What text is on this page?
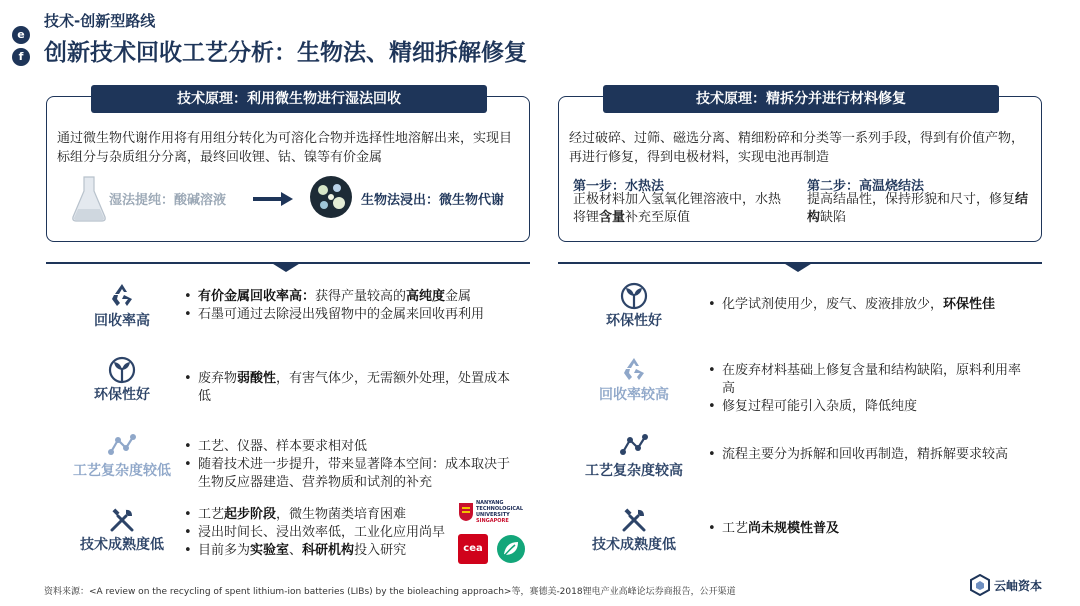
e
f
技术-创新型路线
创新技术回收工艺分析：生物法、精细拆解修复
技术原理：利用微生物进行湿法回收
通过微生物代谢作用将有用组分转化为可溶化合物并选择性地溶解出来，实现目标组分与杂质组分分离，最终回收锂、钴、镍等有价金属
湿法提纯：酸碱溶液	生物法浸出：微生物代谢
技术原理：精拆分并进行材料修复
经过破碎、过筛、磁选分离、精细粉碎和分类等一系列手段，得到有价值产物，再进行修复，得到电极材料，实现电池再制造
第一步：水热法
正极材料加入氢氧化锂溶液中，水热将锂含量补充至原值
第二步：高温烧结法
提高结晶性，保持形貌和尺寸，修复结构缺陷
回收率高
• 有价金属回收率高：获得产量较高的高纯度金属
• 石墨可通过去除浸出残留物中的金属来回收再利用
环保性好
• 废弃物弱酸性，有害气体少，无需额外处理，处置成本低
工艺复杂度较低
• 工艺、仪器、样本要求相对低
• 随着技术进一步提升，带来显著降本空间：成本取决于生物反应器建造、营养物质和试剂的补充
技术成熟度低
• 工艺起步阶段，微生物菌类培育困难
• 浸出时间长、浸出效率低，工业化应用尚早
• 目前多为实验室、科研机构投入研究
环保性好
• 化学试剂使用少，废气、废液排放少，环保性佳
回收率较高
• 在废弃材料基础上修复含量和结构缺陷，原料利用率高
• 修复过程可能引入杂质，降低纯度
工艺复杂度较高
• 流程主要分为拆解和回收再制造，精拆解要求较高
技术成熟度低
• 工艺尚未规模性普及
NANYANG
TECHNOLOGICAL
UNIVERSITY
SINGAPORE
cea
资料来源：<A review on the recycling of spent lithium-ion batteries (LIBs) by the bioleaching approach>等，赛德美-2018锂电产业高峰论坛券商报告，公开渠道	云岫资本
